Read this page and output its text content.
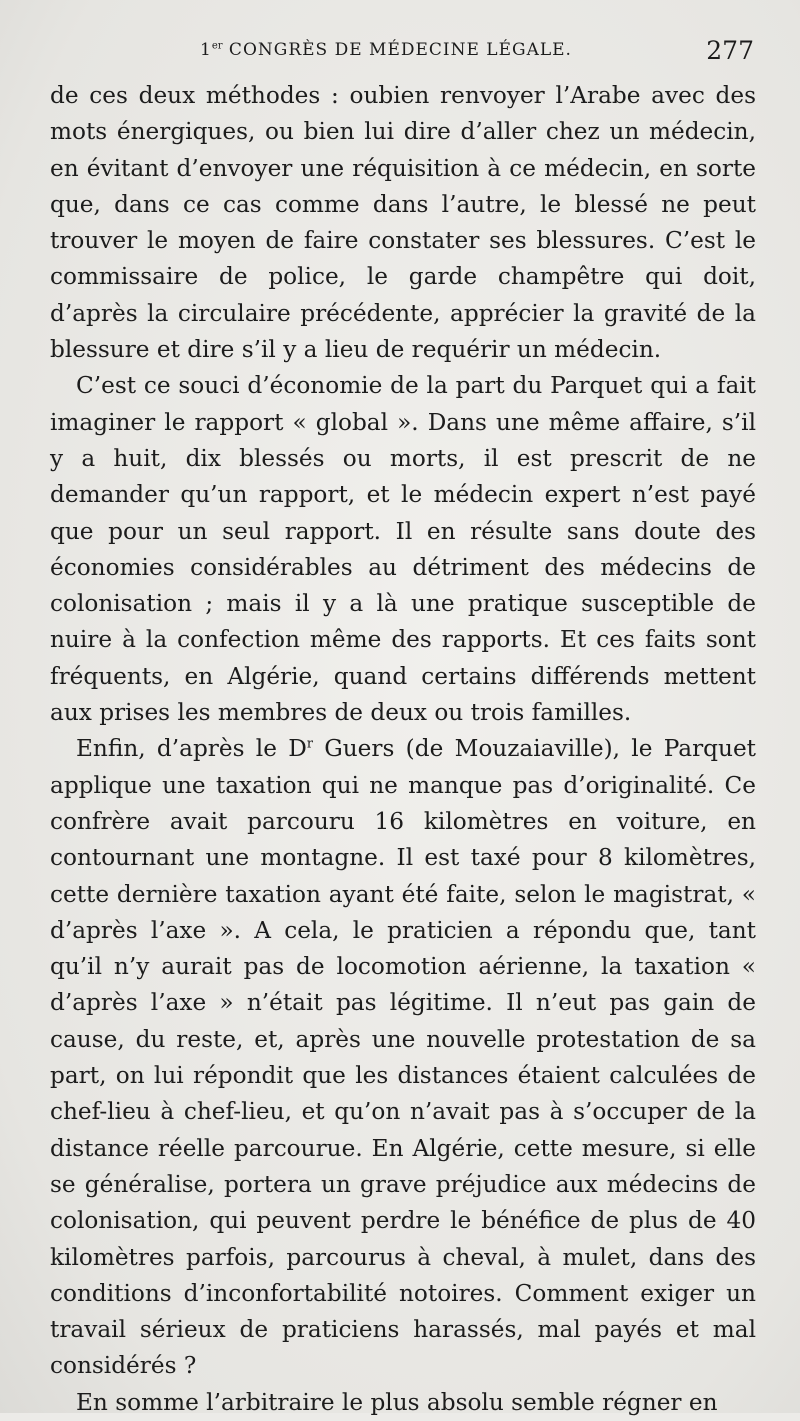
1er CONGRÈS DE MÉDECINE LÉGALE.	277

de ces deux méthodes : oubien renvoyer l’Arabe avec des mots énergiques, ou bien lui dire d’aller chez un médecin, en évitant d’envoyer une réquisition à ce médecin, en sorte que, dans ce cas comme dans l’autre, le blessé ne peut trouver le moyen de faire constater ses blessures. C’est le commissaire de police, le garde champêtre qui doit, d’après la circulaire précédente, apprécier la gravité de la blessure et dire s’il y a lieu de requérir un médecin.

C’est ce souci d’économie de la part du Parquet qui a fait imaginer le rapport « global ». Dans une même affaire, s’il y a huit, dix blessés ou morts, il est prescrit de ne demander qu’un rapport, et le médecin expert n’est payé que pour un seul rapport. Il en résulte sans doute des économies considérables au détriment des médecins de colonisation ; mais il y a là une pratique susceptible de nuire à la confection même des rapports. Et ces faits sont fréquents, en Algérie, quand certains différends mettent aux prises les membres de deux ou trois familles.

Enfin, d’après le $D^r$ Guers (de Mouzaiaville), le Parquet applique une taxation qui ne manque pas d’originalité. Ce confrère avait parcouru 16 kilomètres en voiture, en contournant une montagne. Il est taxé pour 8 kilomètres, cette dernière taxation ayant été faite, selon le magistrat, « d’après l’axe ». A cela, le praticien a répondu que, tant qu’il n’y aurait pas de locomotion aérienne, la taxation « d’après l’axe » n’était pas légitime. Il n’eut pas gain de cause, du reste, et, après une nouvelle protestation de sa part, on lui répondit que les distances étaient calculées de chef-lieu à chef-lieu, et qu’on n’avait pas à s’occuper de la distance réelle parcourue. En Algérie, cette mesure, si elle se généralise, portera un grave préjudice aux médecins de colonisation, qui peuvent perdre le bénéfice de plus de 40 kilomètres parfois, parcourus à cheval, à mulet, dans des conditions d’inconfortabilité notoires. Comment exiger un travail sérieux de praticiens harassés, mal payés et mal considérés ?

En somme l’arbitraire le plus absolu semble régner en
